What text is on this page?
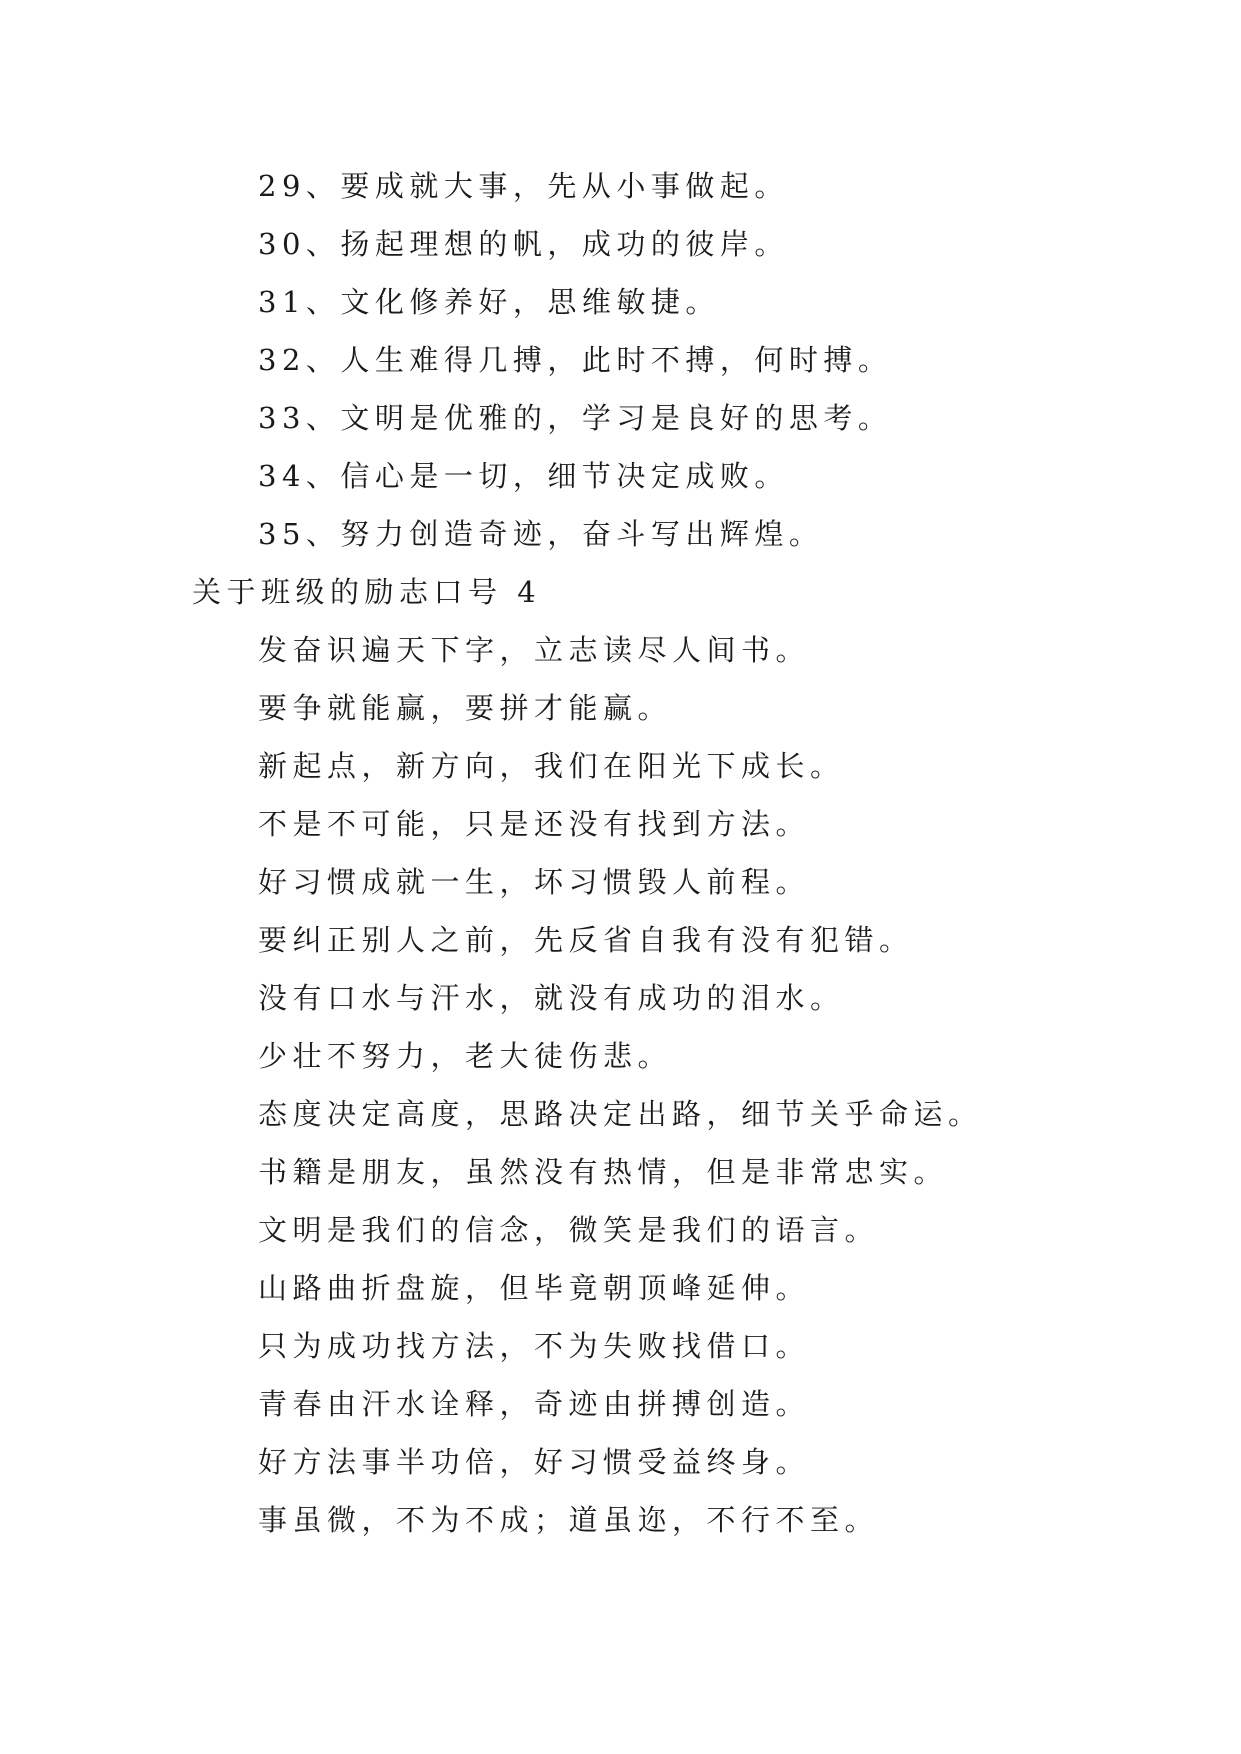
29、要成就大事，先从小事做起。
30、扬起理想的帆，成功的彼岸。
31、文化修养好，思维敏捷。
32、人生难得几搏，此时不搏，何时搏。
33、文明是优雅的，学习是良好的思考。
34、信心是一切，细节决定成败。
35、努力创造奇迹，奋斗写出辉煌。
关于班级的励志口号 4
发奋识遍天下字，立志读尽人间书。
要争就能赢，要拼才能赢。
新起点，新方向，我们在阳光下成长。
不是不可能，只是还没有找到方法。
好习惯成就一生，坏习惯毁人前程。
要纠正别人之前，先反省自我有没有犯错。
没有口水与汗水，就没有成功的泪水。
少壮不努力，老大徒伤悲。
态度决定高度，思路决定出路，细节关乎命运。
书籍是朋友，虽然没有热情，但是非常忠实。
文明是我们的信念，微笑是我们的语言。
山路曲折盘旋，但毕竟朝顶峰延伸。
只为成功找方法，不为失败找借口。
青春由汗水诠释，奇迹由拼搏创造。
好方法事半功倍，好习惯受益终身。
事虽微，不为不成；道虽迩，不行不至。
